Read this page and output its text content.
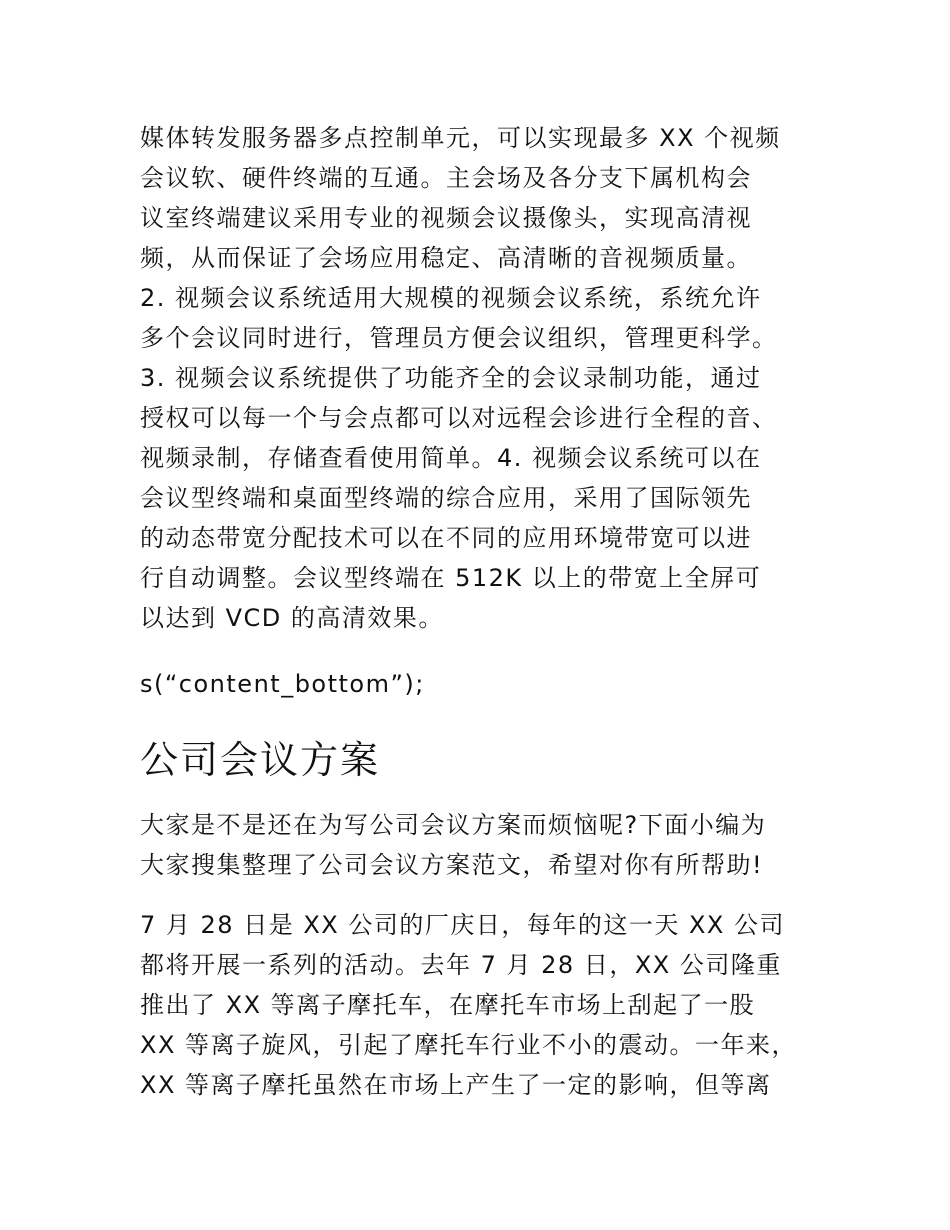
媒体转发服务器多点控制单元，可以实现最多 XX 个视频
会议软、硬件终端的互通。主会场及各分支下属机构会
议室终端建议采用专业的视频会议摄像头，实现高清视
频，从而保证了会场应用稳定、高清晰的音视频质量。
2. 视频会议系统适用大规模的视频会议系统，系统允许
多个会议同时进行，管理员方便会议组织，管理更科学。
3. 视频会议系统提供了功能齐全的会议录制功能，通过
授权可以每一个与会点都可以对远程会诊进行全程的音、
视频录制，存储查看使用简单。4. 视频会议系统可以在
会议型终端和桌面型终端的综合应用，采用了国际领先
的动态带宽分配技术可以在不同的应用环境带宽可以进
行自动调整。会议型终端在 512K 以上的带宽上全屏可
以达到 VCD 的高清效果。
s(“content_bottom”);
公司会议方案
大家是不是还在为写公司会议方案而烦恼呢?下面小编为
大家搜集整理了公司会议方案范文，希望对你有所帮助!
7 月 28 日是 XX 公司的厂庆日，每年的这一天 XX 公司
都将开展一系列的活动。去年 7 月 28 日，XX 公司隆重
推出了 XX 等离子摩托车，在摩托车市场上刮起了一股
XX 等离子旋风，引起了摩托车行业不小的震动。一年来，
XX 等离子摩托虽然在市场上产生了一定的影响，但等离
